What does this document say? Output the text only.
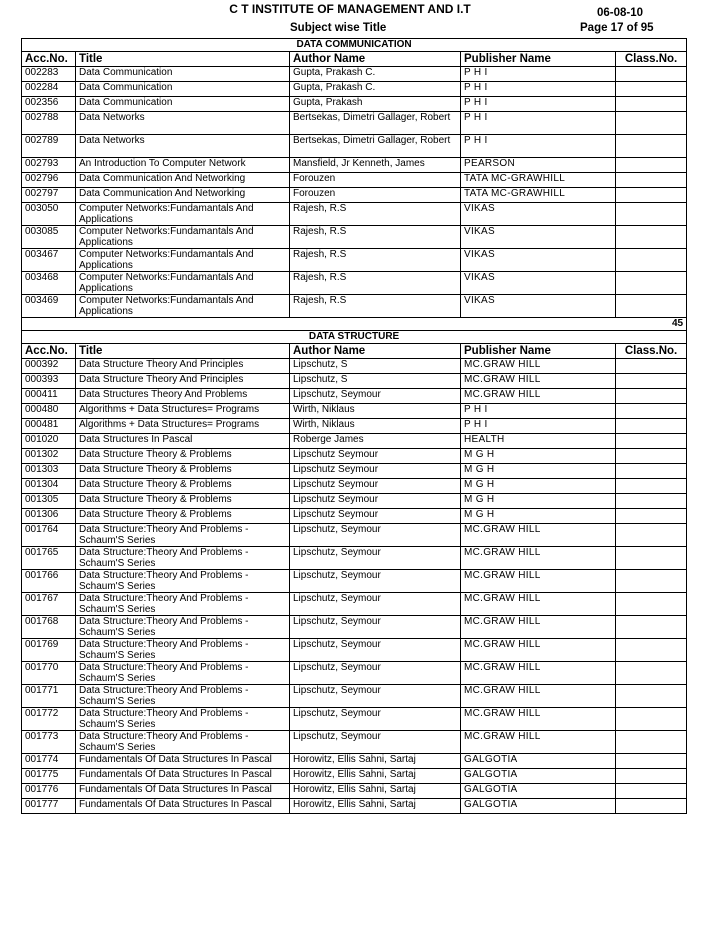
C T INSTITUTE OF MANAGEMENT AND I.T	06-08-10
Subject wise Title	Page 17 of 95
DATA COMMUNICATION				
Acc.No.	Title	Author Name	Publisher Name	Class.No.
002283	Data Communication	Gupta, Prakash C.	P H I	
002284	Data Communication	Gupta, Prakash C.	P H I	
002356	Data Communication	Gupta, Prakash	P H I	
002788	Data Networks	Bertsekas, Dimetri Gallager, Robert	P H I	
002789	Data Networks	Bertsekas, Dimetri Gallager, Robert	P H I	
002793	An Introduction To Computer Network	Mansfield, Jr Kenneth, James	PEARSON	
002796	Data Communication And Networking	Forouzen	TATA MC-GRAWHILL	
002797	Data Communication And Networking	Forouzen	TATA MC-GRAWHILL	
003050	Computer Networks:Fundamantals And Applications	Rajesh, R.S	VIKAS	
003085	Computer Networks:Fundamantals And Applications	Rajesh, R.S	VIKAS	
003467	Computer Networks:Fundamantals And Applications	Rajesh, R.S	VIKAS	
003468	Computer Networks:Fundamantals And Applications	Rajesh, R.S	VIKAS	
003469	Computer Networks:Fundamantals And Applications	Rajesh, R.S	VIKAS	
45				
DATA STRUCTURE				
Acc.No.	Title	Author Name	Publisher Name	Class.No.
000392	Data Structure Theory And Principles	Lipschutz, S	MC.GRAW HILL	
000393	Data Structure Theory And Principles	Lipschutz, S	MC.GRAW HILL	
000411	Data Structures Theory And Problems	Lipschutz, Seymour	MC.GRAW HILL	
000480	Algorithms + Data Structures= Programs	Wirth, Niklaus	P H I	
000481	Algorithms + Data Structures= Programs	Wirth, Niklaus	P H I	
001020	Data Structures In Pascal	Roberge James	HEALTH	
001302	Data Structure Theory & Problems	Lipschutz Seymour	M G H	
001303	Data Structure Theory & Problems	Lipschutz Seymour	M G H	
001304	Data Structure Theory & Problems	Lipschutz Seymour	M G H	
001305	Data Structure Theory & Problems	Lipschutz Seymour	M G H	
001306	Data Structure Theory & Problems	Lipschutz Seymour	M G H	
001764	Data Structure:Theory And Problems - Schaum'S Series	Lipschutz, Seymour	MC.GRAW HILL	
001765	Data Structure:Theory And Problems - Schaum'S Series	Lipschutz, Seymour	MC.GRAW HILL	
001766	Data Structure:Theory And Problems - Schaum'S Series	Lipschutz, Seymour	MC.GRAW HILL	
001767	Data Structure:Theory And Problems - Schaum'S Series	Lipschutz, Seymour	MC.GRAW HILL	
001768	Data Structure:Theory And Problems - Schaum'S Series	Lipschutz, Seymour	MC.GRAW HILL	
001769	Data Structure:Theory And Problems - Schaum'S Series	Lipschutz, Seymour	MC.GRAW HILL	
001770	Data Structure:Theory And Problems - Schaum'S Series	Lipschutz, Seymour	MC.GRAW HILL	
001771	Data Structure:Theory And Problems - Schaum'S Series	Lipschutz, Seymour	MC.GRAW HILL	
001772	Data Structure:Theory And Problems - Schaum'S Series	Lipschutz, Seymour	MC.GRAW HILL	
001773	Data Structure:Theory And Problems - Schaum'S Series	Lipschutz, Seymour	MC.GRAW HILL	
001774	Fundamentals Of Data Structures In Pascal	Horowitz, Ellis Sahni, Sartaj	GALGOTIA	
001775	Fundamentals Of Data Structures In Pascal	Horowitz, Ellis Sahni, Sartaj	GALGOTIA	
001776	Fundamentals Of Data Structures In Pascal	Horowitz, Ellis Sahni, Sartaj	GALGOTIA	
001777	Fundamentals Of Data Structures In Pascal	Horowitz, Ellis Sahni, Sartaj	GALGOTIA	
